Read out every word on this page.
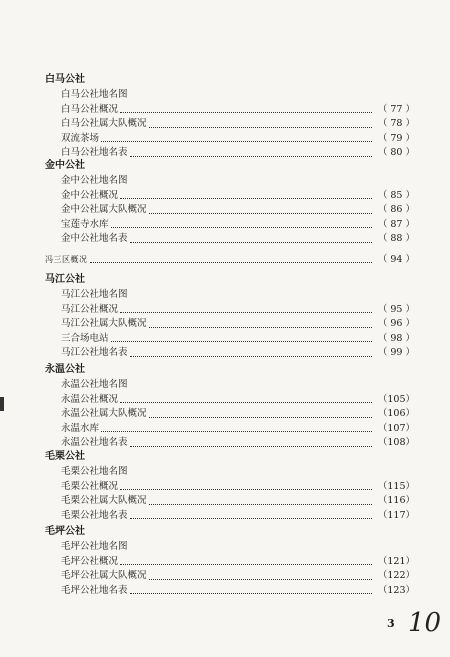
白马公社
白马公社地名图
白马公社概况	（ 77 ）
白马公社属大队概况	（ 78 ）
双流茶场	（ 79 ）
白马公社地名表	（ 80 ）
金中公社
金中公社地名图
金中公社概况	（ 85 ）
金中公社属大队概况	（ 86 ）
宝莲寺水库	（ 87 ）
金中公社地名表	（ 88 ）
冯三区概况	（ 94 ）
马江公社
马江公社地名图
马江公社概况	（ 95 ）
马江公社属大队概况	（ 96 ）
三合场电站	（ 98 ）
马江公社地名表	（ 99 ）
永温公社
永温公社地名图
永温公社概况	（105）
永温公社属大队概况	（106）
永温水库	（107）
永温公社地名表	（108）
毛栗公社
毛栗公社地名图
毛栗公社概况	（115）
毛栗公社属大队概况	（116）
毛栗公社地名表	（117）
毛坪公社
毛坪公社地名图
毛坪公社概况	（121）
毛坪公社属大队概况	（122）
毛坪公社地名表	（123）
3 10
